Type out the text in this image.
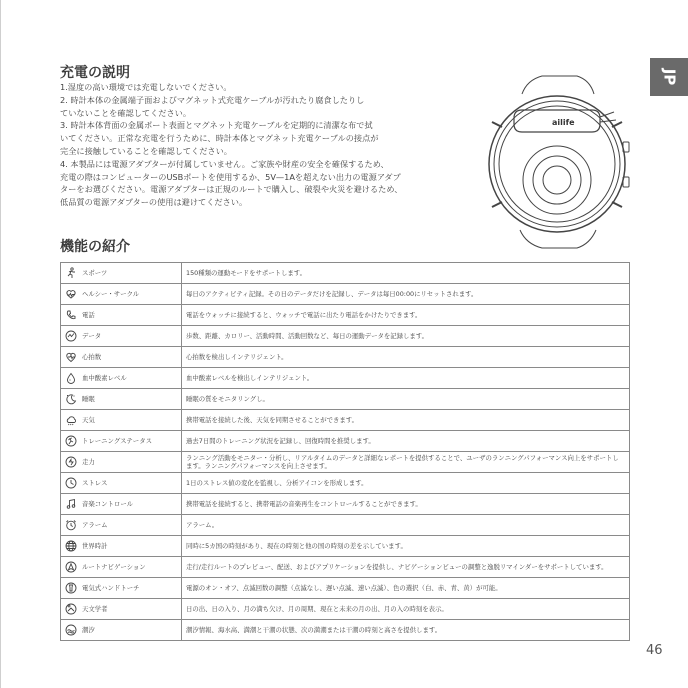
JP
充電の説明

1.湿度の高い環境では充電しないでください。

2. 時計本体の金属端子面およびマグネット式充電ケーブルが汚れたり腐食したりし

ていないことを確認してください。

3. 時計本体背面の金属ポート表面とマグネット充電ケーブルを定期的に清潔な布で拭

いてください。正常な充電を行うために、時計本体とマグネット充電ケーブルの接点が

完全に接触していることを確認してください。

4. 本製品には電源アダプターが付属していません。ご家族や財産の安全を確保するため、

充電の際はコンピューターのUSBポートを使用するか、5V—1Aを超えない出力の電源アダプ

ターをお選びください。電源アダプターは正規のルートで購入し、破裂や火災を避けるため、

低品質の電源アダプターの使用は避けてください。

ailife
機能の紹介
スポーツ	150種類の運動モードをサポートします。
ヘルシー・サークル	毎日のアクティビティ記録。その日のデータだけを記録し、データは毎日00:00にリセットされます。
電話	電話をウォッチに接続すると、ウォッチで電話に出たり電話をかけたりできます。
データ	歩数、距離、カロリー、活動時間、活動回数など、毎日の運動データを記録します。
心拍数	心拍数を検出しインテリジェント。
血中酸素レベル	血中酸素レベルを検出しインテリジェント。
睡眠	睡眠の質をモニタリングし。
天気	携帯電話を接続した後、天気を同期させることができます。
トレーニングステータス	過去7日間のトレーニング状況を記録し、回復時間を推奨します。
走力	ランニング活動をモニター・分析し、リアルタイムのデータと詳細なレポートを提供することで、ユーザのランニングパフォーマンス向上をサポートします。ランニングパフォーマンスを向上させます。
ストレス	1日のストレス値の変化を監視し、分析アイコンを形成します。
音楽コントロール	携帯電話を接続すると、携帯電話の音楽再生をコントロールすることができます。
アラーム	アラーム。
世界時計	同時に5カ国の時刻があり、現在の時刻と他の国の時刻の差を示しています。
ルートナビゲーション	走行/走行ルートのプレビュー、配送、およびアプリケーションを提供し、ナビゲーションビューの調整と逸脱リマインダーをサポートしています。
電気式ハンドトーチ	電源のオン・オフ、点滅回数の調整（点滅なし、遅い点滅、速い点滅）、色の選択（白、赤、青、黄）が可能。
天文学者	日の出、日の入り、月の満ち欠け、月の周期、現在と未来の月の出、月の入の時刻を表示。
潮汐	潮汐情報、海水高、満潮と干潮の状態、次の満潮または干潮の時刻と高さを提供します。
46
